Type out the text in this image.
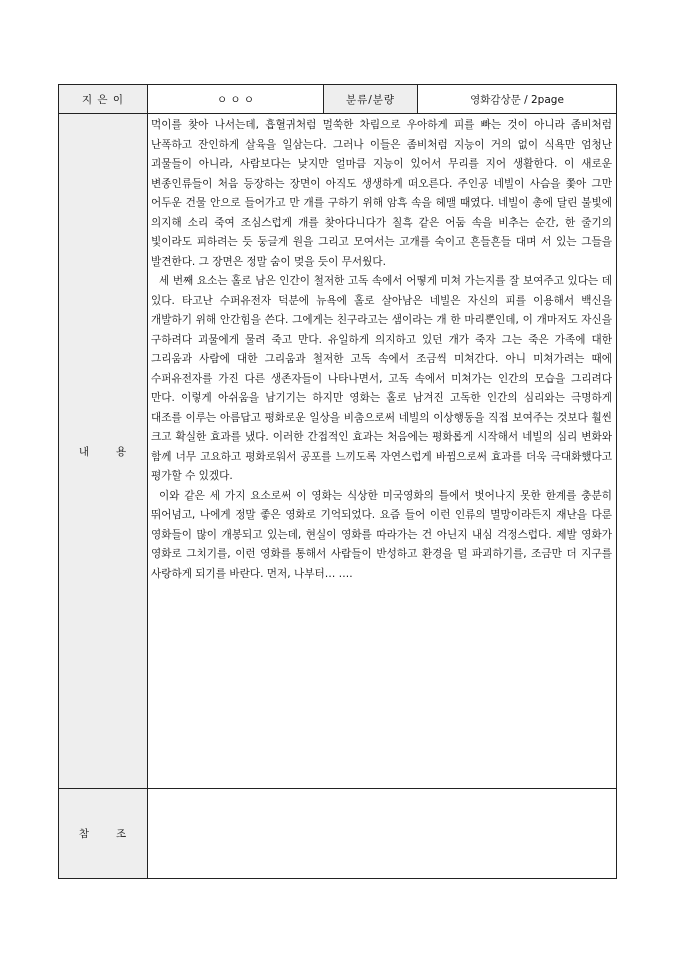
지 은 이	ㅇ ㅇ ㅇ	분류/분량	영화감상문 / 2page
내      용	먹이를 찾아 나서는데, 흡혈귀처럼 멀쑥한 차림으로 우아하게 피를 빠는 것이 아니라 좀비처럼 난폭하고 잔인하게 살육을 일삼는다. 그러나 이들은 좀비처럼 지능이 거의 없이 식욕만 엄청난 괴물들이 아니라, 사람보다는 낮지만 얼마큼 지능이 있어서 무리를 지어 생활한다. 이 새로운 변종인류들이 처음 등장하는 장면이 아직도 생생하게 떠오른다. 주인공 네빌이 사슴을 쫓아 그만 어두운 건물 안으로 들어가고 만 개를 구하기 위해 암흑 속을 헤맬 때였다. 네빌이 총에 달린 불빛에 의지해 소리 죽여 조심스럽게 개를 찾아다니다가 칠흑 같은 어둠 속을 비추는 순간, 한 줄기의 빛이라도 피하려는 듯 둥글게 원을 그리고 모여서는 고개를 숙이고 흔들흔들 대며 서 있는 그들을 발견한다. 그 장면은 정말 숨이 멎을 듯이 무서웠다.

세 번째 요소는 홀로 남은 인간이 철저한 고독 속에서 어떻게 미쳐 가는지를 잘 보여주고 있다는 데 있다. 타고난 수퍼유전자 덕분에 뉴욕에 홀로 살아남은 네빌은 자신의 피를 이용해서 백신을 개발하기 위해 안간힘을 쓴다. 그에게는 친구라고는 샘이라는 개 한 마리뿐인데, 이 개마저도 자신을 구하려다 괴물에게 물려 죽고 만다. 유일하게 의지하고 있던 개가 죽자 그는 죽은 가족에 대한 그리움과 사람에 대한 그리움과 철저한 고독 속에서 조금씩 미쳐간다. 아니 미쳐가려는 때에 수퍼유전자를 가진 다른 생존자들이 나타나면서, 고독 속에서 미쳐가는 인간의 모습을 그리려다 만다. 이렇게 아쉬움을 남기기는 하지만 영화는 홀로 남겨진 고독한 인간의 심리와는 극명하게 대조를 이루는 아름답고 평화로운 일상을 비춤으로써 네빌의 이상행동을 직접 보여주는 것보다 훨씬 크고 확실한 효과를 냈다. 이러한 간접적인 효과는 처음에는 평화롭게 시작해서 네빌의 심리 변화와 함께 너무 고요하고 평화로워서 공포를 느끼도록 자연스럽게 바뀜으로써 효과를 더욱 극대화했다고 평가할 수 있겠다.

이와 같은 세 가지 요소로써 이 영화는 식상한 미국영화의 틀에서 벗어나지 못한 한계를 충분히 뛰어넘고, 나에게 정말 좋은 영화로 기억되었다. 요즘 들어 이런 인류의 멸망이라든지 재난을 다룬 영화들이 많이 개봉되고 있는데, 현실이 영화를 따라가는 건 아닌지 내심 걱정스럽다. 제발 영화가 영화로 그치기를, 이런 영화를 통해서 사람들이 반성하고 환경을 덜 파괴하기를, 조금만 더 지구를 사랑하게 되기를 바란다. 먼저, 나부터… ….		

참      조			
